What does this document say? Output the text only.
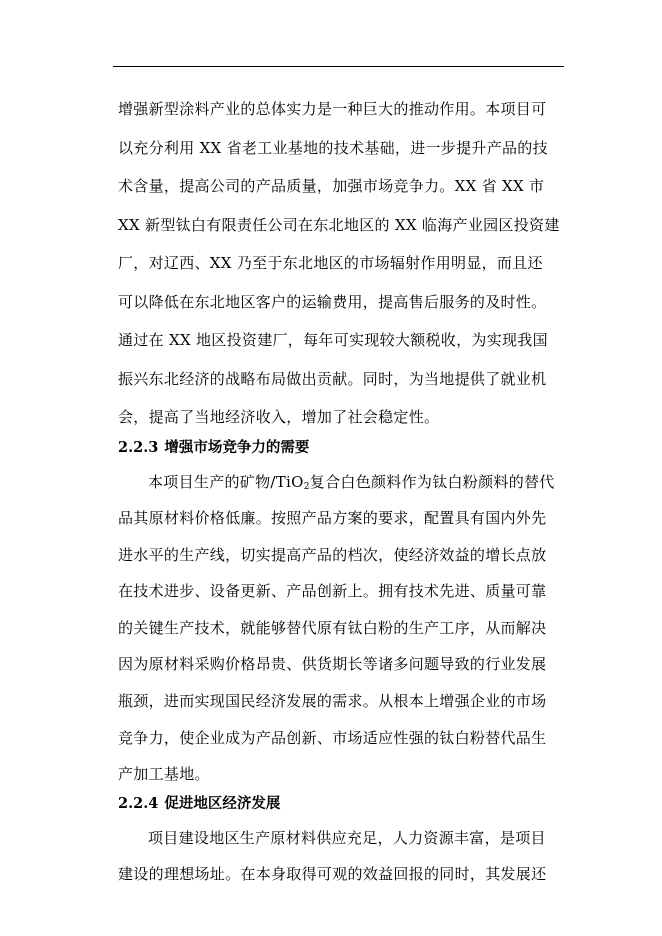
增强新型涂料产业的总体实力是一种巨大的推动作用。本项目可
以充分利用 XX 省老工业基地的技术基础，进一步提升产品的技
术含量，提高公司的产品质量，加强市场竞争力。XX 省 XX 市
XX 新型钛白有限责任公司在东北地区的 XX 临海产业园区投资建
厂，对辽西、XX 乃至于东北地区的市场辐射作用明显，而且还
可以降低在东北地区客户的运输费用，提高售后服务的及时性。
通过在 XX 地区投资建厂，每年可实现较大额税收，为实现我国
振兴东北经济的战略布局做出贡献。同时，为当地提供了就业机
会，提高了当地经济收入，增加了社会稳定性。
2.2.3 增强市场竞争力的需要
本项目生产的矿物/TiO$_2$复合白色颜料作为钛白粉颜料的替代
品其原材料价格低廉。按照产品方案的要求，配置具有国内外先
进水平的生产线，切实提高产品的档次，使经济效益的增长点放
在技术进步、设备更新、产品创新上。拥有技术先进、质量可靠
的关键生产技术，就能够替代原有钛白粉的生产工序，从而解决
因为原材料采购价格昂贵、供货期长等诸多问题导致的行业发展
瓶颈，进而实现国民经济发展的需求。从根本上增强企业的市场
竞争力，使企业成为产品创新、市场适应性强的钛白粉替代品生
产加工基地。
2.2.4 促进地区经济发展
项目建设地区生产原材料供应充足，人力资源丰富，是项目
建设的理想场址。在本身取得可观的效益回报的同时，其发展还
